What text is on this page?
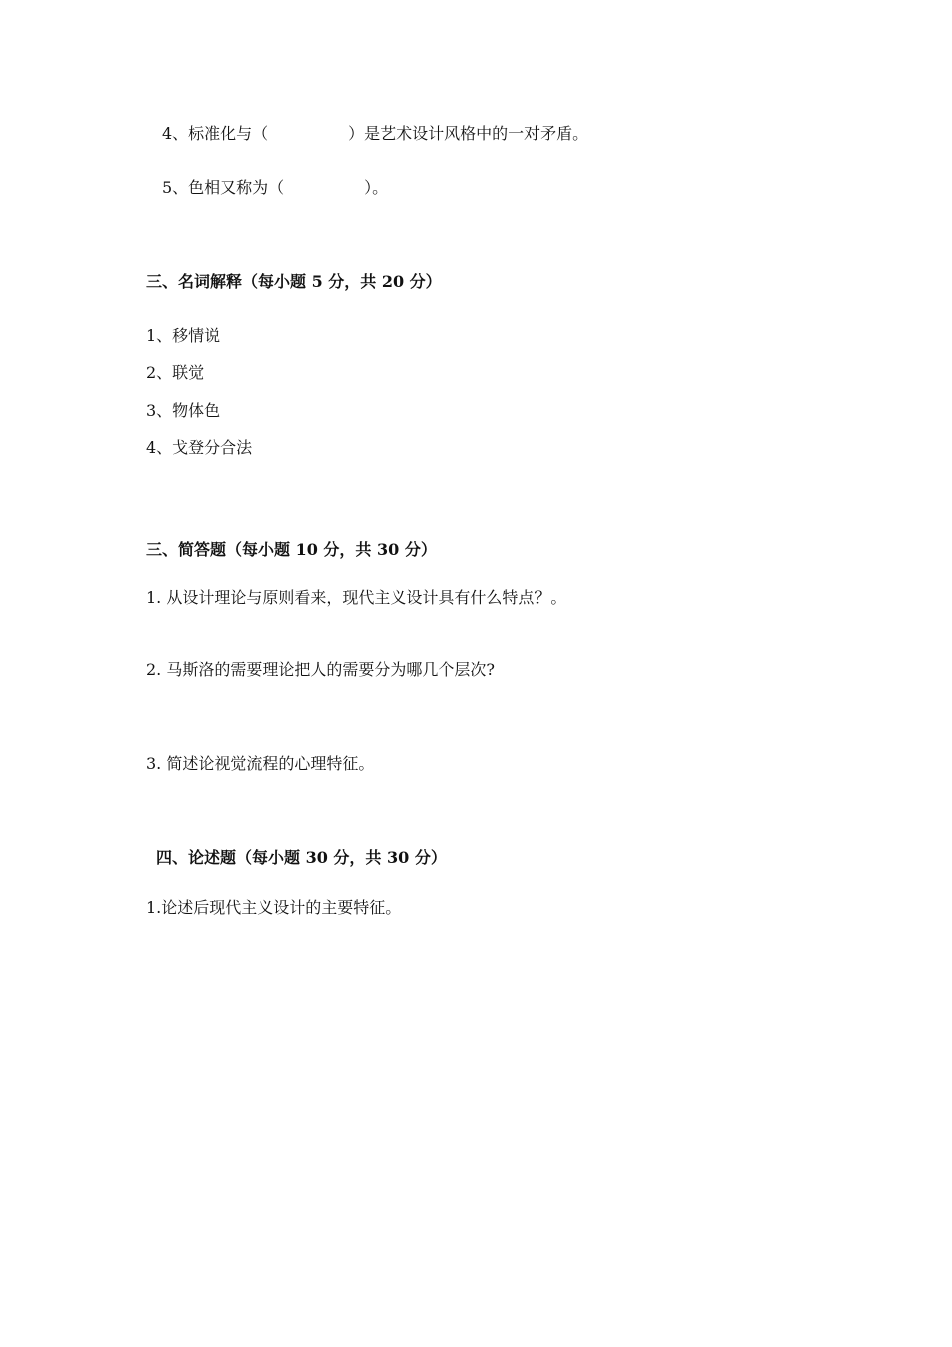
4、标准化与（　　　　　）是艺术设计风格中的一对矛盾。
5、色相又称为（　　　　　）。
三、名词解释（每小题 5 分，共 20 分）
1、移情说
2、联觉
3、物体色
4、戈登分合法
三、简答题（每小题 10 分，共 30 分）
1. 从设计理论与原则看来，现代主义设计具有什么特点？。
2. 马斯洛的需要理论把人的需要分为哪几个层次?
3. 简述论视觉流程的心理特征。
四、论述题（每小题 30 分，共 30 分）
1.论述后现代主义设计的主要特征。
